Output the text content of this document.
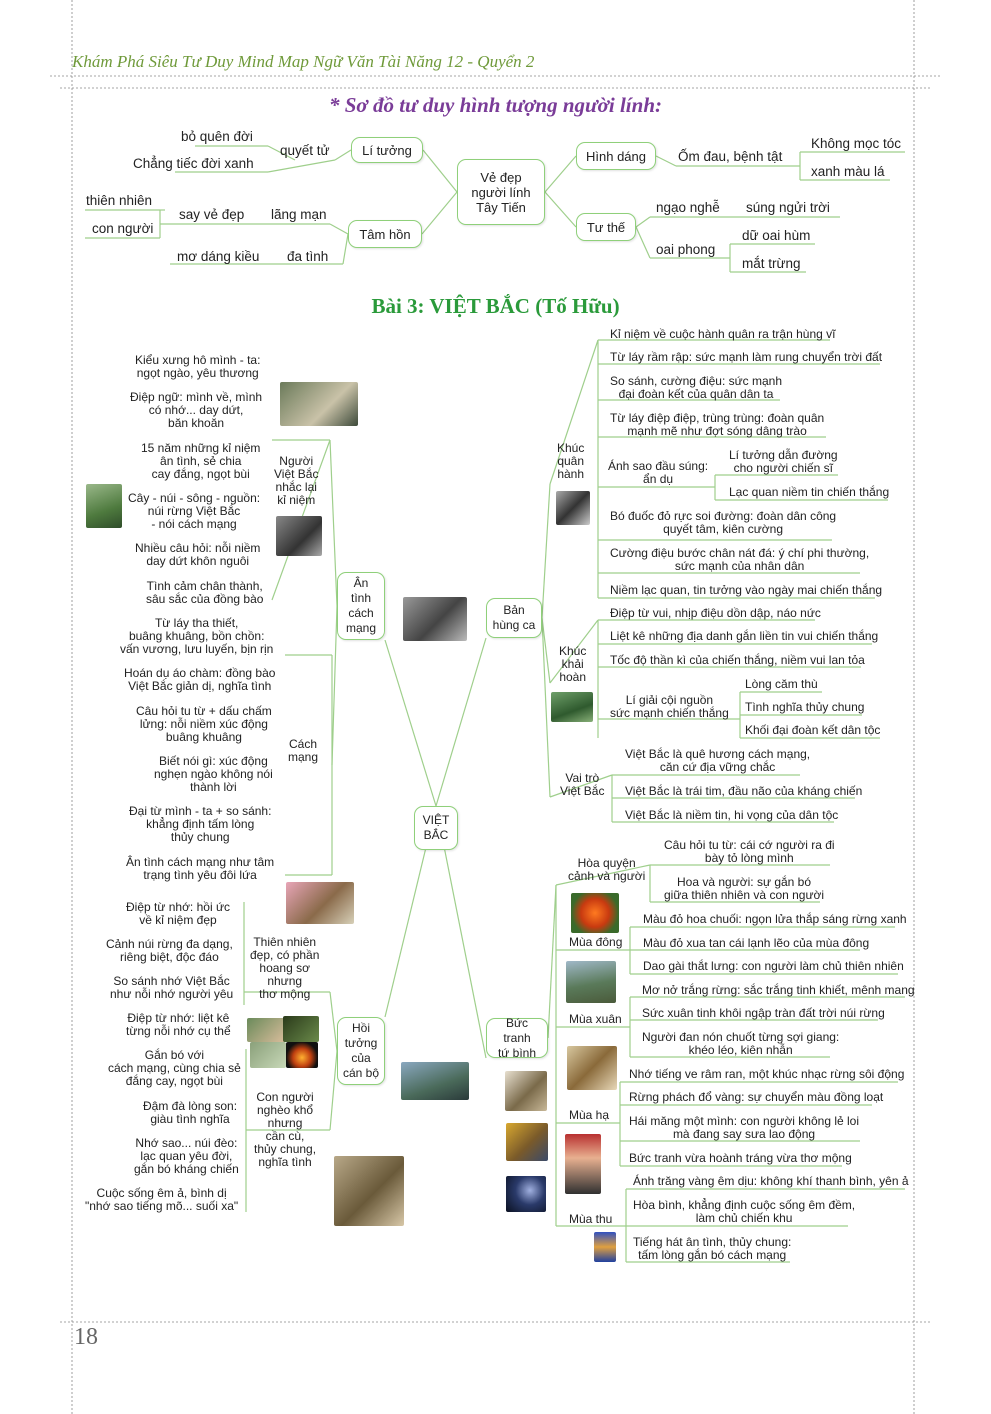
Khám Phá Siêu Tư Duy Mind Map Ngữ Văn Tài Năng 12 - Quyển 2
* Sơ đồ tư duy hình tượng người lính:
Bài 3: VIỆT BẮC (Tố Hữu)
18
Vẻ đẹp
người lính
Tây Tiến
Lí tưởng
Tâm hồn
Hình dáng
Tư thế
quyết tử
bỏ quên đời
Chẳng tiếc đời xanh
lãng mạn
say vẻ đẹp
thiên nhiên
con người
đa tình
mơ dáng kiều
Ốm đau, bệnh tật
Không mọc tóc
xanh màu lá
ngạo nghễ súng ngửi trời
oai phong
dữ oai hùm
mắt trừng
VIỆT
BẮC
Ân
tình
cách
mạng
Hồi
tưởng
của
cán bộ
Bản
hùng ca
Bức tranh
tứ bình
Người
Việt Bắc
nhắc lại
kỉ niệm
Cách
mạng
Thiên nhiên
đẹp, có phần
hoang sơ
nhưng
thơ mộng
Con người
nghèo khổ
nhưng
cần cù,
thủy chung,
nghĩa tình
Khúc
quân
hành
Khúc
khải
hoàn
Vai trò
Việt Bắc
Hòa quyện
cảnh và người
Mùa đông
Mùa xuân
Mùa hạ
Mùa thu
Ánh sao đầu súng:
ẩn dụ
Lí giải cội nguồn
sức mạnh chiến thắng
Kiểu xưng hô mình - ta:
ngọt ngào, yêu thương
Điệp ngữ: mình về, mình
có nhớ... day dứt,
băn khoăn
15 năm những kỉ niệm
ân tình, sẻ chia
cay đắng, ngọt bùi
Cây - núi - sông - nguồn:
núi rừng Việt Bắc
- nói cách mạng
Nhiều câu hỏi: nỗi niềm
day dứt khôn nguôi
Tình cảm chân thành,
sâu sắc của đồng bào
Từ láy tha thiết,
buâng khuâng, bồn chồn:
vấn vương, lưu luyến, bịn rịn
Hoán dụ áo chàm: đồng bào
Việt Bắc giản dị, nghĩa tình
Câu hỏi tu từ + dấu chấm
lửng: nỗi niềm xúc động
buâng khuâng
Biết nói gì: xúc động
nghẹn ngào không nói
thành lời
Đại từ mình - ta + so sánh:
khẳng định tấm lòng
thủy chung
Ân tình cách mạng như tâm
trạng tình yêu đôi lứa
Điệp từ nhớ: hồi ức
về kỉ niệm đẹp
Cảnh núi rừng đa dạng,
riêng biệt, độc đáo
So sánh nhớ Việt Bắc
như nỗi nhớ người yêu
Điệp từ nhớ: liệt kê
từng nỗi nhớ cụ thể
Gắn bó với
cách mạng, cùng chia sẻ
đắng cay, ngọt bùi
Đậm đà lòng son:
giàu tình nghĩa
Nhớ sao... núi đèo:
lạc quan yêu đời,
gắn bó kháng chiến
Cuộc sống êm ả, bình dị
"nhớ sao tiếng mõ... suối xa"
Kỉ niệm về cuộc hành quân ra trận hùng vĩ
Từ láy rầm rập: sức mạnh làm rung chuyển trời đất
So sánh, cường điệu: sức mạnh
đại đoàn kết của quân dân ta
Từ láy điệp điệp, trùng trùng: đoàn quân
mạnh mẽ như đợt sóng dâng trào
Lí tưởng dẫn đường
cho người chiến sĩ
Lạc quan niềm tin chiến thắng
Bó đuốc đỏ rực soi đường: đoàn dân công
quyết tâm, kiên cường
Cường điệu bước chân nát đá: ý chí phi thường,
sức mạnh của nhân dân
Niềm lạc quan, tin tưởng vào ngày mai chiến thắng
Điệp từ vui, nhịp điệu dồn dập, náo nức
Liệt kê những địa danh gắn liền tin vui chiến thắng
Tốc độ thần kì của chiến thắng, niềm vui lan tỏa
Lòng căm thù
Tình nghĩa thủy chung
Khối đại đoàn kết dân tộc
Việt Bắc là quê hương cách mạng,
căn cứ địa vững chắc
Việt Bắc là trái tim, đầu não của kháng chiến
Việt Bắc là niềm tin, hi vọng của dân tộc
Câu hỏi tu từ: cái cớ người ra đi
bày tỏ lòng mình
Hoa và người: sự gắn bó
giữa thiên nhiên và con người
Màu đỏ hoa chuối: ngọn lửa thắp sáng rừng xanh
Màu đỏ xua tan cái lạnh lẽo của mùa đông
Dao gài thắt lưng: con người làm chủ thiên nhiên
Mơ nở trắng rừng: sắc trắng tinh khiết, mênh mang
Sức xuân tinh khôi ngập tràn đất trời núi rừng
Người đan nón chuốt từng sợi giang:
khéo léo, kiên nhẫn
Nhớ tiếng ve râm ran, một khúc nhạc rừng sôi động
Rừng phách đổ vàng: sự chuyển màu đồng loạt
Hái măng một mình: con người không lẻ loi
mà đang say sưa lao động
Bức tranh vừa hoành tráng vừa thơ mộng
Ánh trăng vàng êm dịu: không khí thanh bình, yên ả
Hòa bình, khẳng định cuộc sống êm đềm,
làm chủ chiến khu
Tiếng hát ân tình, thủy chung:
tấm lòng gắn bó cách mạng
